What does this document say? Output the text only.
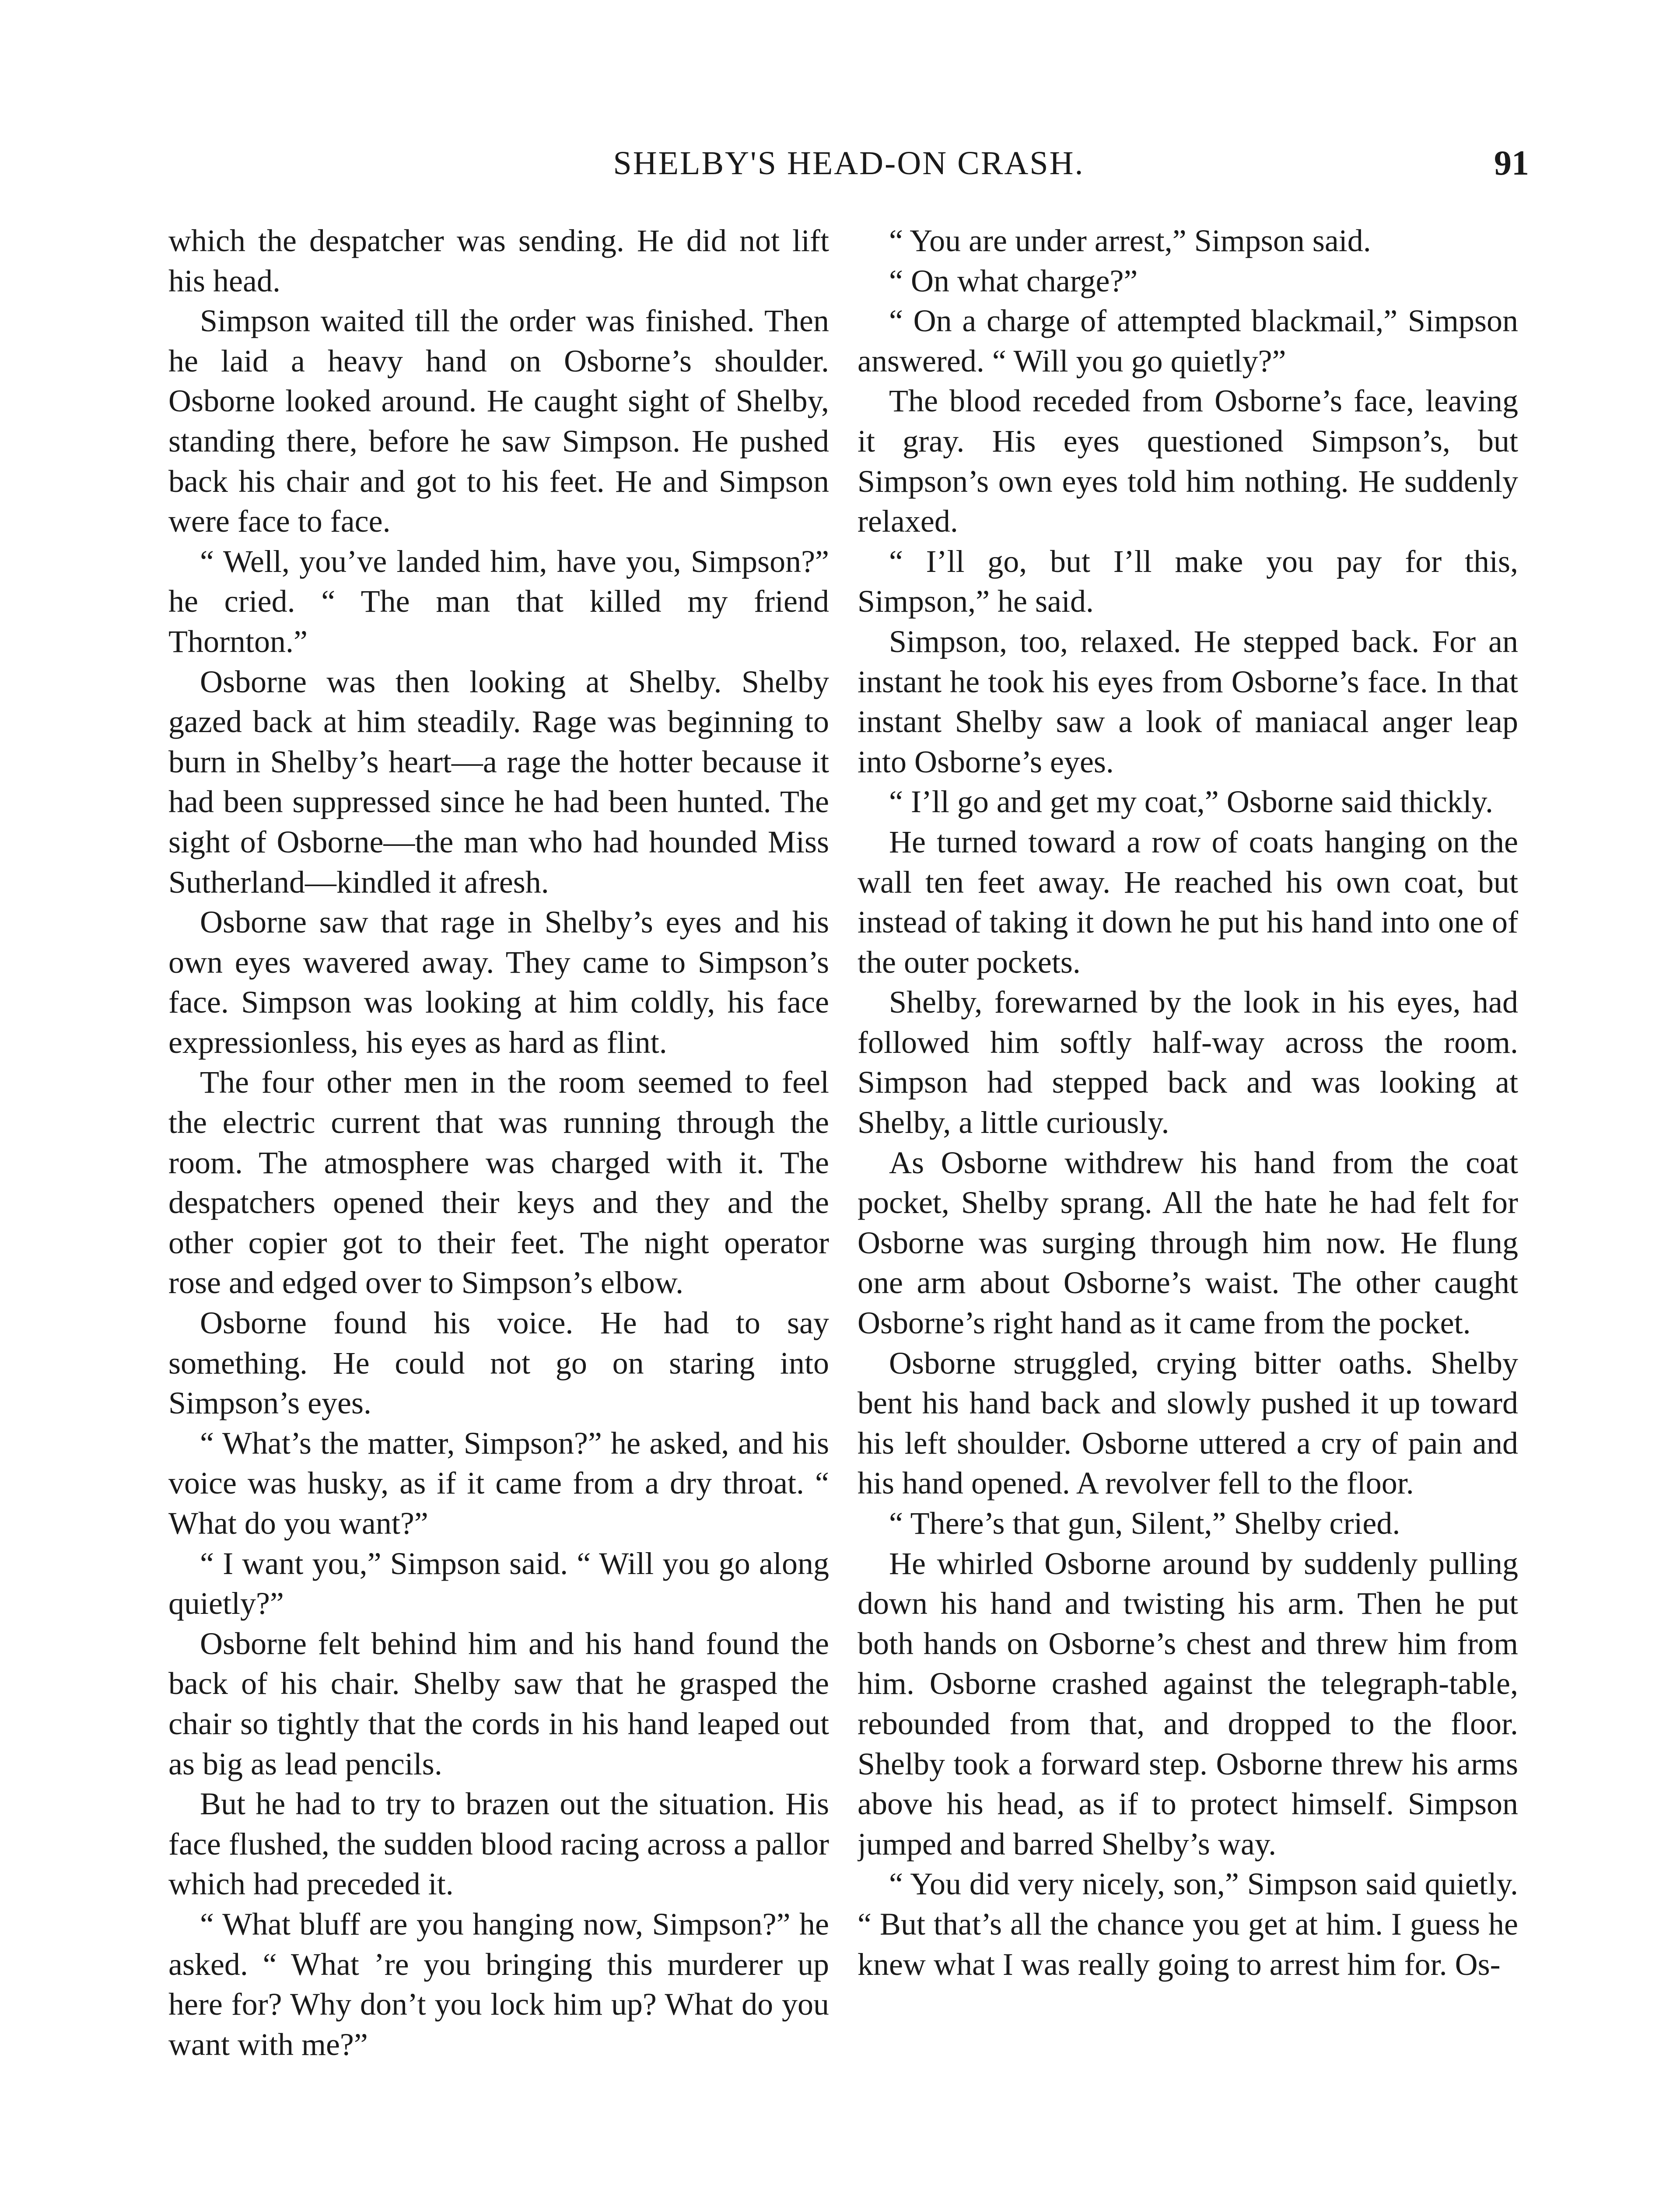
SHELBY'S HEAD-ON CRASH.	91

which the despatcher was sending. He did not lift his head.

Simpson waited till the order was finished. Then he laid a heavy hand on Osborne’s shoulder. Osborne looked around. He caught sight of Shelby, standing there, before he saw Simpson. He pushed back his chair and got to his feet. He and Simpson were face to face.

“ Well, you’ve landed him, have you, Simpson?” he cried. “ The man that killed my friend Thornton.”

Osborne was then looking at Shelby. Shelby gazed back at him steadily. Rage was beginning to burn in Shelby’s heart—a rage the hotter because it had been suppressed since he had been hunted. The sight of Osborne—the man who had hounded Miss Sutherland—kindled it afresh.

Osborne saw that rage in Shelby’s eyes and his own eyes wavered away. They came to Simpson’s face. Simpson was looking at him coldly, his face expressionless, his eyes as hard as flint.

The four other men in the room seemed to feel the electric current that was running through the room. The atmosphere was charged with it. The despatchers opened their keys and they and the other copier got to their feet. The night operator rose and edged over to Simpson’s elbow.

Osborne found his voice. He had to say something. He could not go on staring into Simpson’s eyes.

“ What’s the matter, Simpson?” he asked, and his voice was husky, as if it came from a dry throat. “ What do you want?”

“ I want you,” Simpson said. “ Will you go along quietly?”

Osborne felt behind him and his hand found the back of his chair. Shelby saw that he grasped the chair so tightly that the cords in his hand leaped out as big as lead pencils.

But he had to try to brazen out the situation. His face flushed, the sudden blood racing across a pallor which had preceded it.

“ What bluff are you hanging now, Simpson?” he asked. “ What ’re you bringing this murderer up here for? Why don’t you lock him up? What do you want with me?”

“ You are under arrest,” Simpson said.

“ On what charge?”

“ On a charge of attempted blackmail,” Simpson answered. “ Will you go quietly?”

The blood receded from Osborne’s face, leaving it gray. His eyes questioned Simpson’s, but Simpson’s own eyes told him nothing. He suddenly relaxed.

“ I’ll go, but I’ll make you pay for this, Simpson,” he said.

Simpson, too, relaxed. He stepped back. For an instant he took his eyes from Osborne’s face. In that instant Shelby saw a look of maniacal anger leap into Osborne’s eyes.

“ I’ll go and get my coat,” Osborne said thickly.

He turned toward a row of coats hanging on the wall ten feet away. He reached his own coat, but instead of taking it down he put his hand into one of the outer pockets.

Shelby, forewarned by the look in his eyes, had followed him softly half-way across the room. Simpson had stepped back and was looking at Shelby, a little curiously.

As Osborne withdrew his hand from the coat pocket, Shelby sprang. All the hate he had felt for Osborne was surging through him now. He flung one arm about Osborne’s waist. The other caught Osborne’s right hand as it came from the pocket.

Osborne struggled, crying bitter oaths. Shelby bent his hand back and slowly pushed it up toward his left shoulder. Osborne uttered a cry of pain and his hand opened. A revolver fell to the floor.

“ There’s that gun, Silent,” Shelby cried.

He whirled Osborne around by suddenly pulling down his hand and twisting his arm. Then he put both hands on Osborne’s chest and threw him from him. Osborne crashed against the telegraph-table, rebounded from that, and dropped to the floor. Shelby took a forward step. Osborne threw his arms above his head, as if to protect himself. Simpson jumped and barred Shelby’s way.

“ You did very nicely, son,” Simpson said quietly. “ But that’s all the chance you get at him. I guess he knew what I was really going to arrest him for. Os-
